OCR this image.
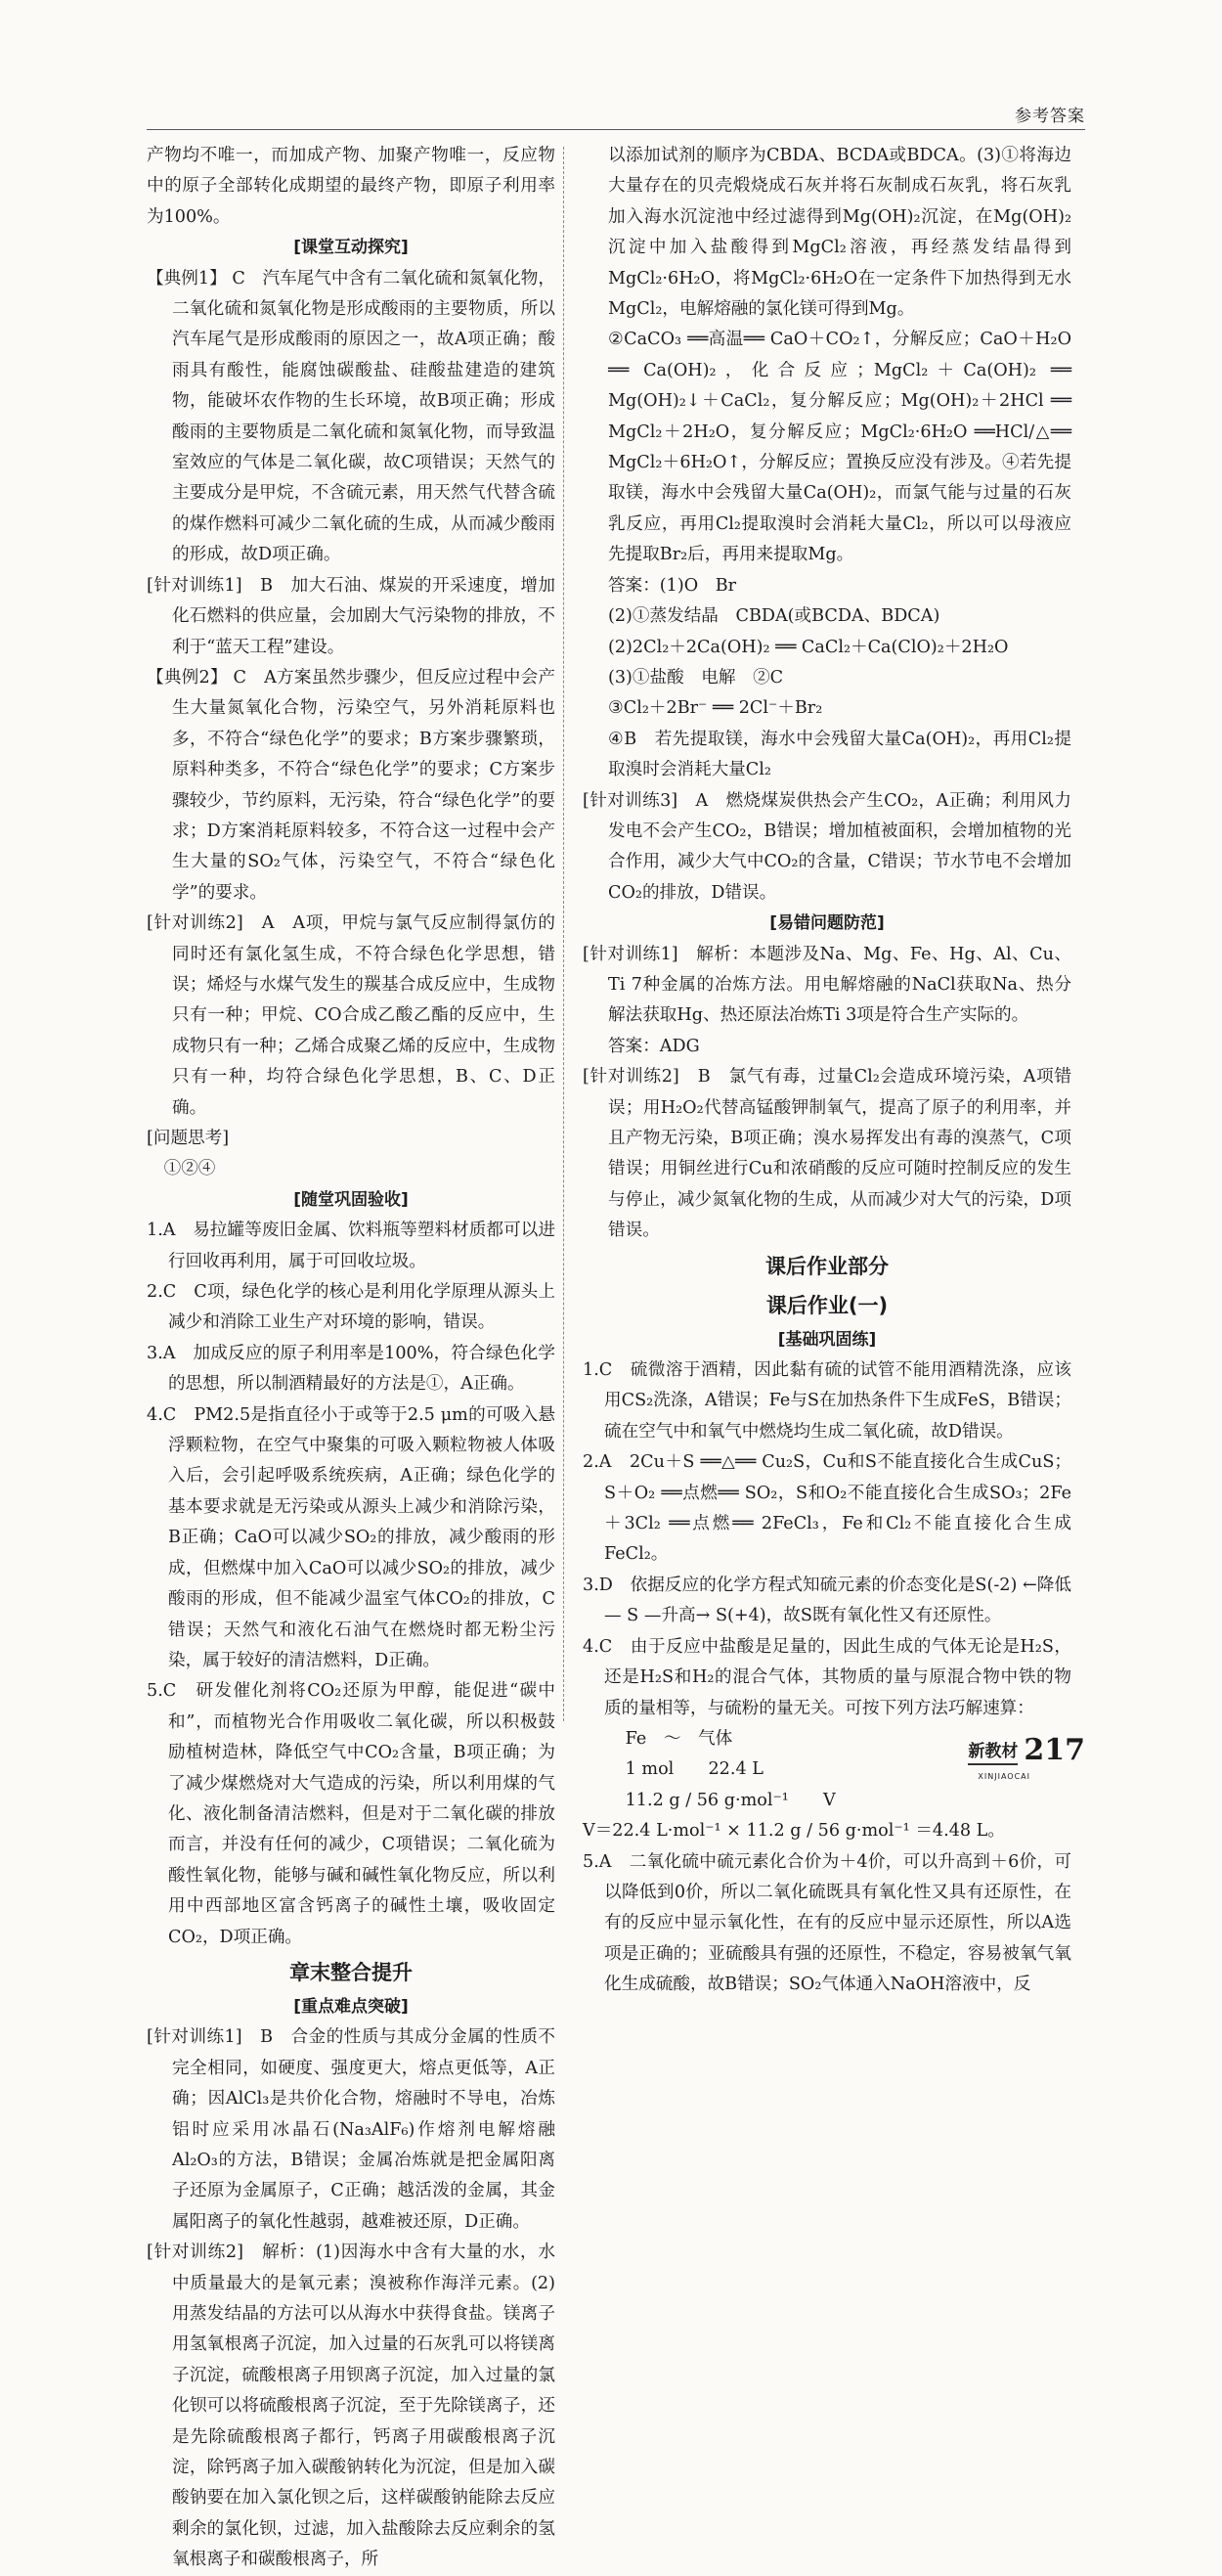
参考答案

产物均不唯一，而加成产物、加聚产物唯一，反应物中的原子全部转化成期望的最终产物，即原子利用率为100%。

[课堂互动探究]

【典例1】 C　汽车尾气中含有二氧化硫和氮氧化物，二氧化硫和氮氧化物是形成酸雨的主要物质，所以汽车尾气是形成酸雨的原因之一，故A项正确；酸雨具有酸性，能腐蚀碳酸盐、硅酸盐建造的建筑物，能破坏农作物的生长环境，故B项正确；形成酸雨的主要物质是二氧化硫和氮氧化物，而导致温室效应的气体是二氧化碳，故C项错误；天然气的主要成分是甲烷，不含硫元素，用天然气代替含硫的煤作燃料可减少二氧化硫的生成，从而减少酸雨的形成，故D项正确。

[针对训练1]　B　加大石油、煤炭的开采速度，增加化石燃料的供应量，会加剧大气污染物的排放，不利于“蓝天工程”建设。

【典例2】 C　A方案虽然步骤少，但反应过程中会产生大量氮氧化合物，污染空气，另外消耗原料也多，不符合“绿色化学”的要求；B方案步骤繁琐，原料种类多，不符合“绿色化学”的要求；C方案步骤较少，节约原料，无污染，符合“绿色化学”的要求；D方案消耗原料较多，不符合这一过程中会产生大量的SO₂气体，污染空气，不符合“绿色化学”的要求。

[针对训练2]　A　A项，甲烷与氯气反应制得氯仿的同时还有氯化氢生成，不符合绿色化学思想，错误；烯烃与水煤气发生的羰基合成反应中，生成物只有一种；甲烷、CO合成乙酸乙酯的反应中，生成物只有一种；乙烯合成聚乙烯的反应中，生成物只有一种，均符合绿色化学思想，B、C、D正确。

[问题思考]

　①②④

[随堂巩固验收]

1.A　易拉罐等废旧金属、饮料瓶等塑料材质都可以进行回收再利用，属于可回收垃圾。

2.C　C项，绿色化学的核心是利用化学原理从源头上减少和消除工业生产对环境的影响，错误。

3.A　加成反应的原子利用率是100%，符合绿色化学的思想，所以制酒精最好的方法是①，A正确。

4.C　PM2.5是指直径小于或等于2.5 μm的可吸入悬浮颗粒物，在空气中聚集的可吸入颗粒物被人体吸入后，会引起呼吸系统疾病，A正确；绿色化学的基本要求就是无污染或从源头上减少和消除污染，B正确；CaO可以减少SO₂的排放，减少酸雨的形成，但燃煤中加入CaO可以减少SO₂的排放，减少酸雨的形成，但不能减少温室气体CO₂的排放，C错误；天然气和液化石油气在燃烧时都无粉尘污染，属于较好的清洁燃料，D正确。

5.C　研发催化剂将CO₂还原为甲醇，能促进“碳中和”，而植物光合作用吸收二氧化碳，所以积极鼓励植树造林，降低空气中CO₂含量，B项正确；为了减少煤燃烧对大气造成的污染，所以利用煤的气化、液化制备清洁燃料，但是对于二氧化碳的排放而言，并没有任何的减少，C项错误；二氧化硫为酸性氧化物，能够与碱和碱性氧化物反应，所以利用中西部地区富含钙离子的碱性土壤，吸收固定CO₂，D项正确。

章末整合提升

[重点难点突破]

[针对训练1]　B　合金的性质与其成分金属的性质不完全相同，如硬度、强度更大，熔点更低等，A正确；因AlCl₃是共价化合物，熔融时不导电，冶炼铝时应采用冰晶石(Na₃AlF₆)作熔剂电解熔融Al₂O₃的方法，B错误；金属冶炼就是把金属阳离子还原为金属原子，C正确；越活泼的金属，其金属阳离子的氧化性越弱，越难被还原，D正确。

[针对训练2]　解析：(1)因海水中含有大量的水，水中质量最大的是氧元素；溴被称作海洋元素。(2)用蒸发结晶的方法可以从海水中获得食盐。镁离子用氢氧根离子沉淀，加入过量的石灰乳可以将镁离子沉淀，硫酸根离子用钡离子沉淀，加入过量的氯化钡可以将硫酸根离子沉淀，至于先除镁离子，还是先除硫酸根离子都行，钙离子用碳酸根离子沉淀，除钙离子加入碳酸钠转化为沉淀，但是加入碳酸钠要在加入氯化钡之后，这样碳酸钠能除去反应剩余的氯化钡，过滤，加入盐酸除去反应剩余的氢氧根离子和碳酸根离子，所

以添加试剂的顺序为CBDA、BCDA或BDCA。(3)①将海边大量存在的贝壳煅烧成石灰并将石灰制成石灰乳，将石灰乳加入海水沉淀池中经过滤得到Mg(OH)₂沉淀，在Mg(OH)₂沉淀中加入盐酸得到MgCl₂溶液，再经蒸发结晶得到MgCl₂·6H₂O，将MgCl₂·6H₂O在一定条件下加热得到无水MgCl₂，电解熔融的氯化镁可得到Mg。

②CaCO₃ ══高温══ CaO＋CO₂↑，分解反应；CaO＋H₂O ══ Ca(OH)₂，化合反应；MgCl₂＋Ca(OH)₂ ══ Mg(OH)₂↓＋CaCl₂，复分解反应；Mg(OH)₂＋2HCl ══ MgCl₂＋2H₂O，复分解反应；MgCl₂·6H₂O ══HCl/△══ MgCl₂＋6H₂O↑，分解反应；置换反应没有涉及。④若先提取镁，海水中会残留大量Ca(OH)₂，而氯气能与过量的石灰乳反应，再用Cl₂提取溴时会消耗大量Cl₂，所以可以母液应先提取Br₂后，再用来提取Mg。

答案：(1)O　Br

(2)①蒸发结晶　CBDA(或BCDA、BDCA)

(2)2Cl₂＋2Ca(OH)₂ ══ CaCl₂＋Ca(ClO)₂＋2H₂O

(3)①盐酸　电解　②C

③Cl₂＋2Br⁻ ══ 2Cl⁻＋Br₂

④B　若先提取镁，海水中会残留大量Ca(OH)₂，再用Cl₂提取溴时会消耗大量Cl₂

[针对训练3]　A　燃烧煤炭供热会产生CO₂，A正确；利用风力发电不会产生CO₂，B错误；增加植被面积，会增加植物的光合作用，减少大气中CO₂的含量，C错误；节水节电不会增加CO₂的排放，D错误。

[易错问题防范]

[针对训练1]　解析：本题涉及Na、Mg、Fe、Hg、Al、Cu、Ti 7种金属的冶炼方法。用电解熔融的NaCl获取Na、热分解法获取Hg、热还原法冶炼Ti 3项是符合生产实际的。

答案：ADG

[针对训练2]　B　氯气有毒，过量Cl₂会造成环境污染，A项错误；用H₂O₂代替高锰酸钾制氧气，提高了原子的利用率，并且产物无污染，B项正确；溴水易挥发出有毒的溴蒸气，C项错误；用铜丝进行Cu和浓硝酸的反应可随时控制反应的发生与停止，减少氮氧化物的生成，从而减少对大气的污染，D项错误。

课后作业部分

课后作业(一)

[基础巩固练]

1.C　硫微溶于酒精，因此黏有硫的试管不能用酒精洗涤，应该用CS₂洗涤，A错误；Fe与S在加热条件下生成FeS，B错误；硫在空气中和氧气中燃烧均生成二氧化硫，故D错误。

2.A　2Cu＋S ══△══ Cu₂S，Cu和S不能直接化合生成CuS；S＋O₂ ══点燃══ SO₂，S和O₂不能直接化合生成SO₃；2Fe＋3Cl₂ ══点燃══ 2FeCl₃，Fe和Cl₂不能直接化合生成FeCl₂。

3.D　依据反应的化学方程式知硫元素的价态变化是S(-2) ←降低— S —升高→ S(+4)，故S既有氧化性又有还原性。

4.C　由于反应中盐酸是足量的，因此生成的气体无论是H₂S，还是H₂S和H₂的混合气体，其物质的量与原混合物中铁的物质的量相等，与硫粉的量无关。可按下列方法巧解速算：

　Fe　～　气体

　1 mol　　22.4 L

　11.2 g / 56 g·mol⁻¹　　V

V＝22.4 L·mol⁻¹ × 11.2 g / 56 g·mol⁻¹ ＝4.48 L。

5.A　二氧化硫中硫元素化合价为＋4价，可以升高到＋6价，可以降低到0价，所以二氧化硫既具有氧化性又具有还原性，在有的反应中显示氧化性，在有的反应中显示还原性，所以A选项是正确的；亚硫酸具有强的还原性，不稳定，容易被氧气氧化生成硫酸，故B错误；SO₂气体通入NaOH溶液中，反

新教材 217
XINJIAOCAI
